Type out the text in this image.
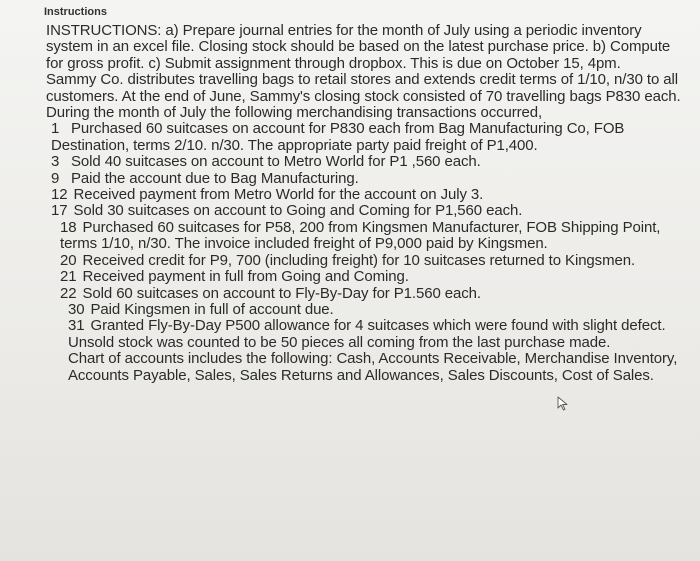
Instructions

INSTRUCTIONS: a) Prepare journal entries for the month of July using a periodic inventory system in an excel file. Closing stock should be based on the latest purchase price. b) Compute for gross profit. c) Submit assignment through dropbox. This is due on October 15, 4pm.

Sammy Co. distributes travelling bags to retail stores and extends credit terms of 1/10, n/30 to all customers. At the end of June, Sammy's closing stock consisted of 70 travelling bags P830 each. During the month of July the following merchandising transactions occurred,

1 Purchased 60 suitcases on account for P830 each from Bag Manufacturing Co, FOB Destination, terms 2/10. n/30. The appropriate party paid freight of P1,400.

3 Sold 40 suitcases on account to Metro World for P1 ,560 each.

9 Paid the account due to Bag Manufacturing.

12 Received payment from Metro World for the account on July 3.

17 Sold 30 suitcases on account to Going and Coming for P1,560 each.

18 Purchased 60 suitcases for P58, 200 from Kingsmen Manufacturer, FOB Shipping Point, terms 1/10, n/30. The invoice included freight of P9,000 paid by Kingsmen.

20 Received credit for P9, 700 (including freight) for 10 suitcases returned to Kingsmen.

21 Received payment in full from Going and Coming.

22 Sold 60 suitcases on account to Fly-By-Day for P1.560 each.

30 Paid Kingsmen in full of account due.

31 Granted Fly-By-Day P500 allowance for 4 suitcases which were found with slight defect. Unsold stock was counted to be 50 pieces all coming from the last purchase made.

Chart of accounts includes the following: Cash, Accounts Receivable, Merchandise Inventory, Accounts Payable, Sales, Sales Returns and Allowances, Sales Discounts, Cost of Sales.
